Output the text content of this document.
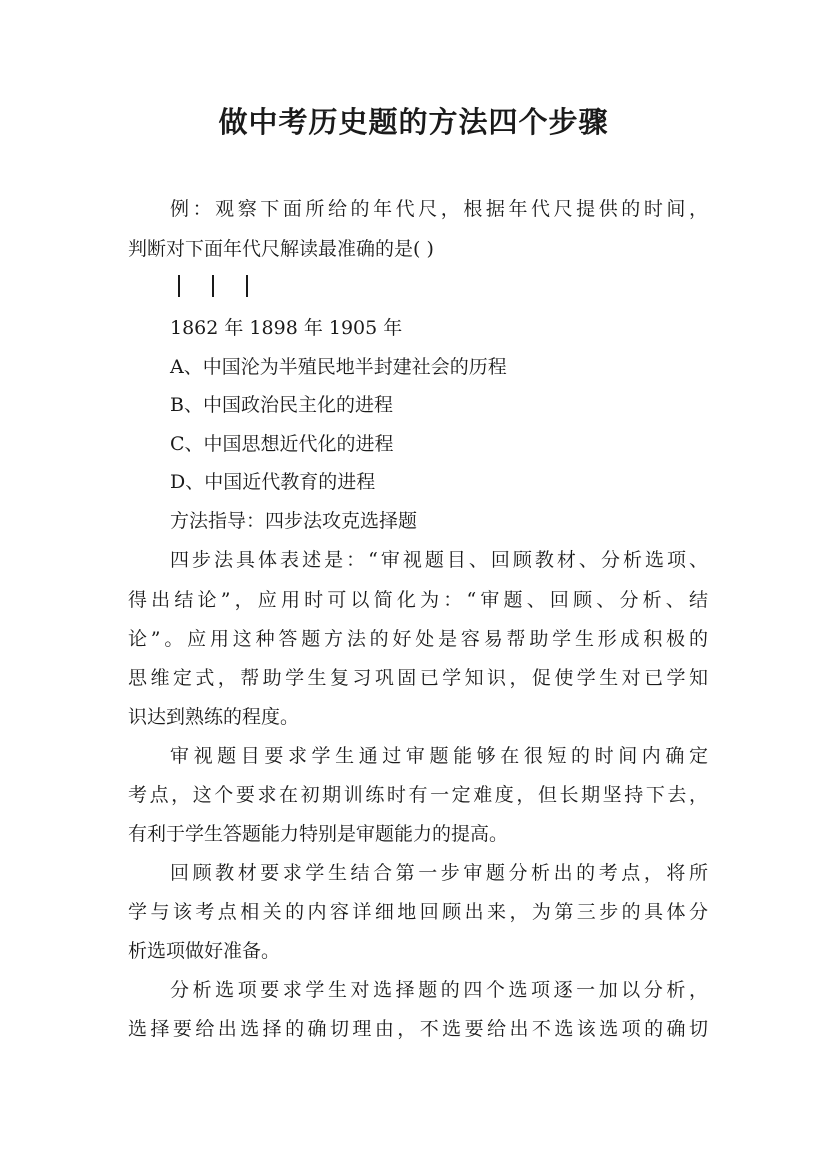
做中考历史题的方法四个步骤
例：观察下面所给的年代尺，根据年代尺提供的时间，
判断对下面年代尺解读最准确的是( )
1862 年 1898 年 1905 年
A、中国沦为半殖民地半封建社会的历程
B、中国政治民主化的进程
C、中国思想近代化的进程
D、中国近代教育的进程
方法指导：四步法攻克选择题
四步法具体表述是：“审视题目、回顾教材、分析选项、
得出结论”，应用时可以简化为：“审题、回顾、分析、结
论”。应用这种答题方法的好处是容易帮助学生形成积极的
思维定式，帮助学生复习巩固已学知识，促使学生对已学知
识达到熟练的程度。
审视题目要求学生通过审题能够在很短的时间内确定
考点，这个要求在初期训练时有一定难度，但长期坚持下去，
有利于学生答题能力特别是审题能力的提高。
回顾教材要求学生结合第一步审题分析出的考点，将所
学与该考点相关的内容详细地回顾出来，为第三步的具体分
析选项做好准备。
分析选项要求学生对选择题的四个选项逐一加以分析，
选择要给出选择的确切理由，不选要给出不选该选项的确切
